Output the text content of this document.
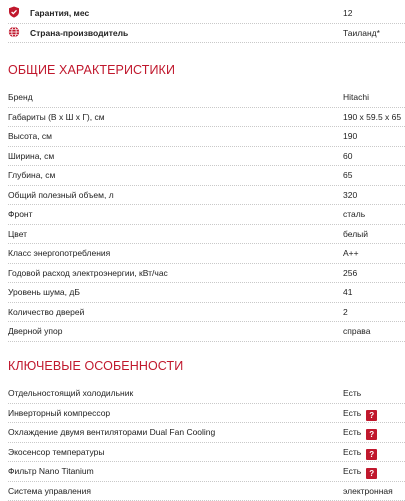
Гарантия, мес	12
Страна-производитель	Таиланд*
ОБЩИЕ ХАРАКТЕРИСТИКИ
Бренд	Hitachi
Габариты (В х Ш х Г), см	190 x 59.5 x 65
Высота, см	190
Ширина, см	60
Глубина, см	65
Общий полезный объем, л	320
Фронт	сталь
Цвет	белый
Класс энергопотребления	A++
Годовой расход электроэнергии, кВт/час	256
Уровень шума, дБ	41
Количество дверей	2
Дверной упор	справа
КЛЮЧЕВЫЕ ОСОБЕННОСТИ
Отдельностоящий холодильник	Есть
Инверторный компрессор	Есть ?
Охлаждение двумя вентиляторами Dual Fan Cooling	Есть ?
Экосенсор температуры	Есть ?
Фильтр Nano Titanium	Есть ?
Система управления	электронная
